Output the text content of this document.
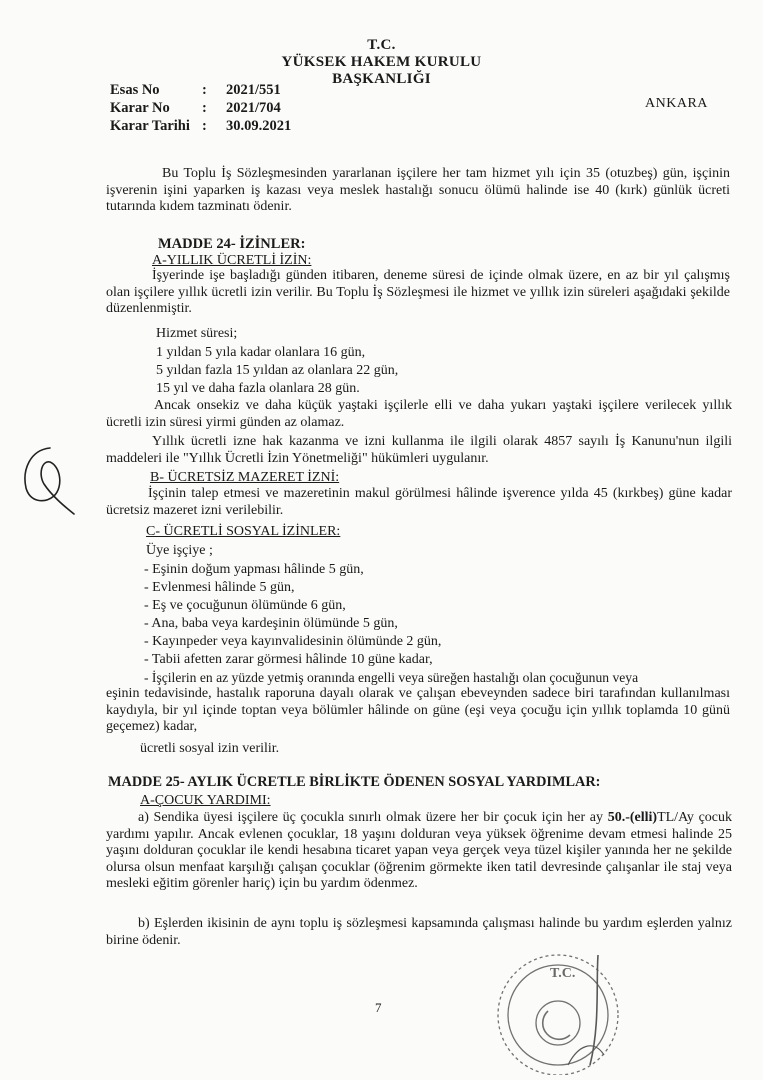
T.C.
YÜKSEK HAKEM KURULU
BAŞKANLIĞI
Esas No	:	2021/551
Karar No	:	2021/704
Karar Tarihi :	30.09.2021
ANKARA
Bu Toplu İş Sözleşmesinden yararlanan işçilere her tam hizmet yılı için 35 (otuzbeş) gün, işçinin işverenin işini yaparken iş kazası veya meslek hastalığı sonucu ölümü halinde ise 40 (kırk) günlük ücreti tutarında kıdem tazminatı ödenir.
MADDE 24- İZİNLER:
A-YILLIK ÜCRETLİ İZİN:
İşyerinde işe başladığı günden itibaren, deneme süresi de içinde olmak üzere, en az bir yıl çalışmış olan işçilere yıllık ücretli izin verilir. Bu Toplu İş Sözleşmesi ile hizmet ve yıllık izin süreleri aşağıdaki şekilde düzenlenmiştir.
Hizmet süresi;
1 yıldan 5 yıla kadar olanlara 16 gün,
5 yıldan fazla 15 yıldan az olanlara 22 gün,
15 yıl ve daha fazla olanlara 28 gün.
Ancak onsekiz ve daha küçük yaştaki işçilerle elli ve daha yukarı yaştaki işçilere verilecek yıllık ücretli izin süresi yirmi günden az olamaz.
Yıllık ücretli izne hak kazanma ve izni kullanma ile ilgili olarak 4857 sayılı İş Kanunu'nun ilgili maddeleri ile "Yıllık Ücretli İzin Yönetmeliği" hükümleri uygulanır.
B- ÜCRETSİZ MAZERET İZNİ:
İşçinin talep etmesi ve mazeretinin makul görülmesi hâlinde işverence yılda 45 (kırkbeş) güne kadar ücretsiz mazeret izni verilebilir.
C- ÜCRETLİ SOSYAL İZİNLER:
Üye işçiye ;
- Eşinin doğum yapması hâlinde 5 gün,
- Evlenmesi hâlinde 5 gün,
- Eş ve çocuğunun ölümünde 6 gün,
- Ana, baba veya kardeşinin ölümünde 5 gün,
- Kayınpeder veya kayınvalidesinin ölümünde 2 gün,
- Tabii afetten zarar görmesi hâlinde 10 güne kadar,
- İşçilerin en az yüzde yetmiş oranında engelli veya süreğen hastalığı olan çocuğunun veya
eşinin tedavisinde, hastalık raporuna dayalı olarak ve çalışan ebeveynden sadece biri tarafından kullanılması kaydıyla, bir yıl içinde toptan veya bölümler hâlinde on güne (eşi veya çocuğu için yıllık toplamda 10 günü geçemez) kadar,
ücretli sosyal izin verilir.
MADDE 25- AYLIK ÜCRETLE BİRLİKTE ÖDENEN SOSYAL YARDIMLAR:
A-ÇOCUK YARDIMI:
a) Sendika üyesi işçilere üç çocukla sınırlı olmak üzere her bir çocuk için her ay 50.-(elli)TL/Ay çocuk yardımı yapılır. Ancak evlenen çocuklar, 18 yaşını dolduran veya yüksek öğrenime devam etmesi halinde 25 yaşını dolduran çocuklar ile kendi hesabına ticaret yapan veya gerçek veya tüzel kişiler yanında her ne şekilde olursa olsun menfaat karşılığı çalışan çocuklar (öğrenim görmekte iken tatil devresinde çalışanlar ile staj veya mesleki eğitim görenler hariç) için bu yardım ödenmez.
b) Eşlerden ikisinin de aynı toplu iş sözleşmesi kapsamında çalışması halinde bu yardım eşlerden yalnız birine ödenir.
7
T.C.
